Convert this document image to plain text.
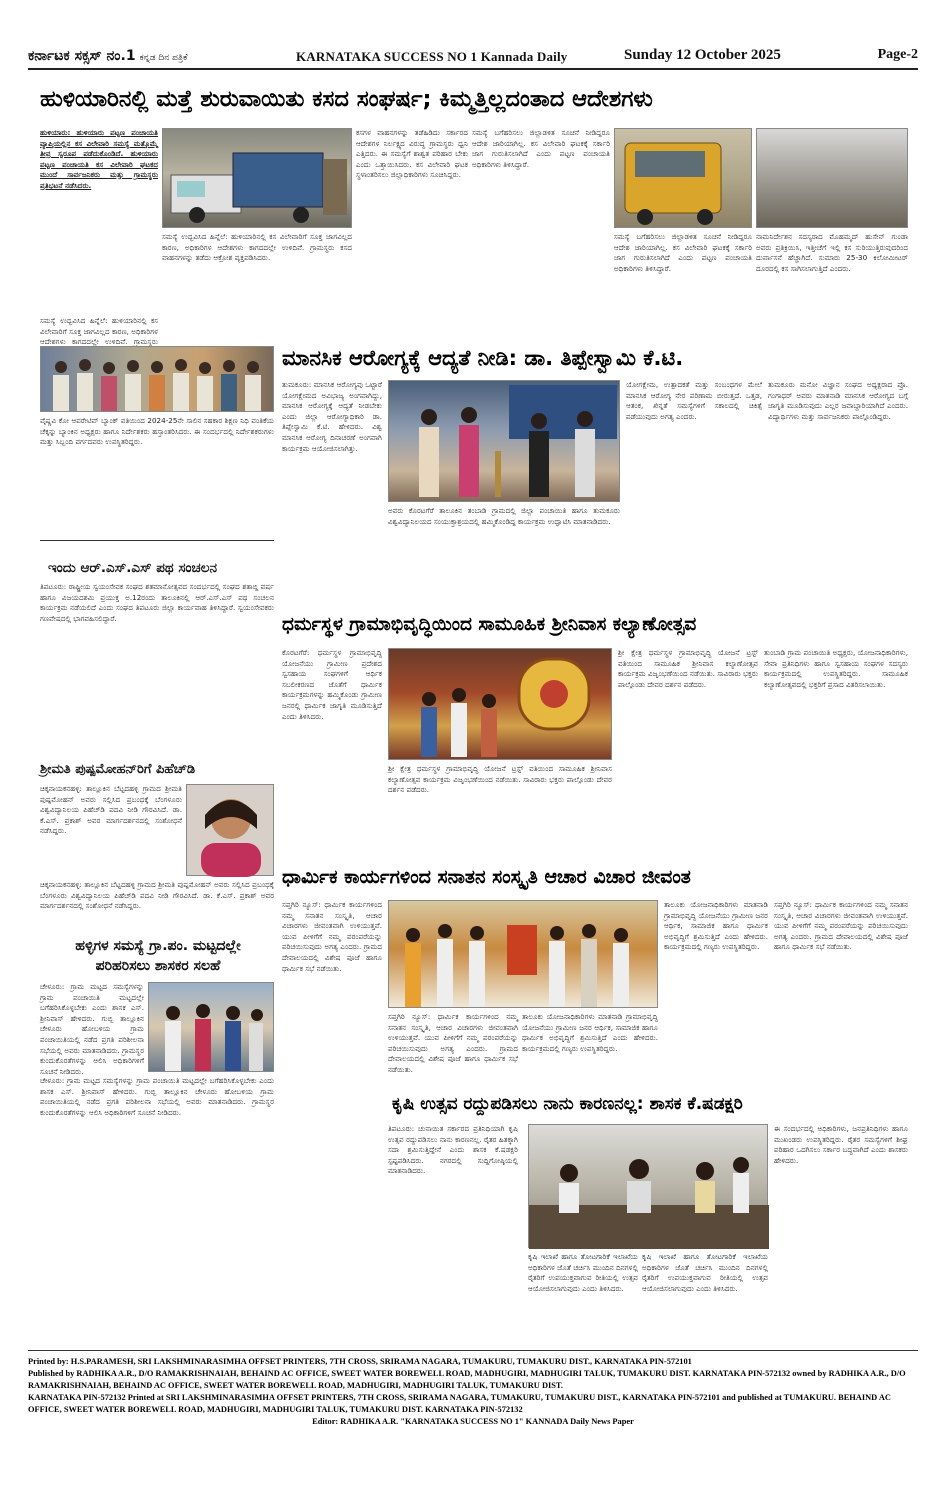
ಕರ್ನಾಟಕ ಸಕ್ಸಸ್ ನಂ.1 ಕನ್ನಡ ದಿನ ಪತ್ರಿಕೆ	KARNATAKA SUCCESS NO 1 Kannada Daily	Sunday 12 October 2025	Page-2
ಹುಳಿಯಾರಿನಲ್ಲಿ ಮತ್ತೆ ಶುರುವಾಯಿತು ಕಸದ ಸಂಘರ್ಷ; ಕಿಮ್ಮತ್ತಿಲ್ಲದಂತಾದ ಆದೇಶಗಳು
ಹುಳಿಯಾರು: ಹುಳಿಯಾರು ಪಟ್ಟಣ ಪಂಚಾಯತಿ ವ್ಯಾಪ್ತಿಯಲ್ಲಿನ ಕಸ ವಿಲೇವಾರಿ ಸಮಸ್ಯೆ ಮತ್ತೊಮ್ಮೆ ತೀವ್ರ ಸ್ವರೂಪ ಪಡೆದುಕೊಂಡಿದೆ. ಹುಳಿಯಾರು ಪಟ್ಟಣ ಪಂಚಾಯತಿ ಕಸ ವಿಲೇವಾರಿ ಘಟಕದ ಮುಂದೆ ಸಾರ್ವಜನಿಕರು ಮತ್ತು ಗ್ರಾಮಸ್ಥರು ಪ್ರತಿಭಟನೆ ನಡೆಸಿದರು.
ಸಮಸ್ಯೆ ಉದ್ಭವಿಸಿದ ಹಿನ್ನೆಲೆ: ಹುಳಿಯಾರಿನಲ್ಲಿ ಕಸ ವಿಲೇವಾರಿಗೆ ಸೂಕ್ತ ಜಾಗವಿಲ್ಲದ ಕಾರಣ, ಅಧಿಕಾರಿಗಳ ಆದೇಶಗಳು ಕಾಗದದಲ್ಲೇ ಉಳಿದಿವೆ. ಗ್ರಾಮಸ್ಥರು
ಸಮಸ್ಯೆ ಉದ್ಭವಿಸಿದ ಹಿನ್ನೆಲೆ: ಹುಳಿಯಾರಿನಲ್ಲಿ ಕಸ ವಿಲೇವಾರಿಗೆ ಸೂಕ್ತ ಜಾಗವಿಲ್ಲದ ಕಾರಣ, ಅಧಿಕಾರಿಗಳ ಆದೇಶಗಳು ಕಾಗದದಲ್ಲೇ ಉಳಿದಿವೆ. ಗ್ರಾಮಸ್ಥರು ಕಸದ ವಾಹನಗಳನ್ನು ತಡೆದು ಆಕ್ರೋಶ ವ್ಯಕ್ತಪಡಿಸಿದರು.
ಕಸಗಳ ವಾಹನಗಳನ್ನು ತಡೆಹಿಡಿದು ಸರ್ಕಾರದ ಆದೇಶಗಳ ನಿರ್ಲಕ್ಷ್ಯದ ವಿರುದ್ಧ ಗ್ರಾಮಸ್ಥರು ಧ್ವನಿ ಎತ್ತಿದರು. ಈ ಸಮಸ್ಯೆಗೆ ಶಾಶ್ವತ ಪರಿಹಾರ ಬೇಕು ಎಂದು ಒತ್ತಾಯಿಸಿದರು. ಕಸ ವಿಲೇವಾರಿ ಘಟಕ ಸ್ಥಳಾಂತರಿಸಲು ಜಿಲ್ಲಾಧಿಕಾರಿಗಳು ಸೂಚಿಸಿದ್ದರು.
ಸಮಸ್ಯೆ ಬಗೆಹರಿಸಲು ಜಿಲ್ಲಾಡಳಿತ ಸೂಚನೆ ನೀಡಿದ್ದರೂ ಆದೇಶ ಜಾರಿಯಾಗಿಲ್ಲ. ಕಸ ವಿಲೇವಾರಿ ಘಟಕಕ್ಕೆ ಸರ್ಕಾರಿ ಜಾಗ ಗುರುತಿಸಲಾಗಿದೆ ಎಂದು ಪಟ್ಟಣ ಪಂಚಾಯತಿ ಅಧಿಕಾರಿಗಳು ತಿಳಿಸಿದ್ದಾರೆ.
ಸಮಸ್ಯೆ ಬಗೆಹರಿಸಲು ಜಿಲ್ಲಾಡಳಿತ ಸೂಚನೆ ನೀಡಿದ್ದರೂ ಆದೇಶ ಜಾರಿಯಾಗಿಲ್ಲ. ಕಸ ವಿಲೇವಾರಿ ಘಟಕಕ್ಕೆ ಸರ್ಕಾರಿ ಜಾಗ ಗುರುತಿಸಲಾಗಿದೆ ಎಂದು ಪಟ್ಟಣ ಪಂಚಾಯತಿ ಅಧಿಕಾರಿಗಳು ತಿಳಿಸಿದ್ದಾರೆ.
ನಾಮನಿರ್ದೇಶನ ಸದಸ್ಯರಾದ ಮೊಹಮ್ಮದ್ ಹುಸೇನ್ ಗುಂಡಾ ಅವರು ಪ್ರತಿಕ್ರಿಯಿಸಿ, ಇತ್ತೀಚೆಗೆ ಇಲ್ಲಿ ಕಸ ಸುರಿಯುತ್ತಿರುವುದರಿಂದ ದುರ್ವಾಸನೆ ಹೆಚ್ಚಾಗಿದೆ. ಸುಮಾರು 25-30 ಕಿಲೋಮೀಟರ್ ದೂರದಲ್ಲಿ ಕಸ ಸಾಗಿಸಲಾಗುತ್ತಿದೆ ಎಂದರು.
ವೈಷ್ಣವಿ ಕೋ ಆಪರೇಟಿವ್ ಬ್ಯಾಂಕ್ ವತಿಯಿಂದ 2024-25ನೇ ಸಾಲಿನ ಸಹಕಾರ ಶಿಕ್ಷಣ ನಿಧಿ ವಂತಿಕೆಯ ಚೆಕ್ಕನ್ನು ಬ್ಯಾಂಕಿನ ಅಧ್ಯಕ್ಷರು ಹಾಗೂ ನಿರ್ದೇಶಕರು ಹಸ್ತಾಂತರಿಸಿದರು. ಈ ಸಂದರ್ಭದಲ್ಲಿ ನಿರ್ದೇಶಕರುಗಳು ಮತ್ತು ಸಿಬ್ಬಂದಿ ವರ್ಗದವರು ಉಪಸ್ಥಿತರಿದ್ದರು.
ಮಾನಸಿಕ ಆರೋಗ್ಯಕ್ಕೆ ಆದ್ಯತೆ ನೀಡಿ: ಡಾ. ತಿಪ್ಪೇಸ್ವಾಮಿ ಕೆ.ಟಿ.
ತುಮಕೂರು: ಮಾನಸಿಕ ಆರೋಗ್ಯವು ಒಟ್ಟಾರೆ ಯೋಗಕ್ಷೇಮದ ಅವಿಭಾಜ್ಯ ಅಂಗವಾಗಿದ್ದು, ಮಾನಸಿಕ ಆರೋಗ್ಯಕ್ಕೆ ಆದ್ಯತೆ ನೀಡಬೇಕು ಎಂದು ಜಿಲ್ಲಾ ಆರೋಗ್ಯಾಧಿಕಾರಿ ಡಾ. ತಿಪ್ಪೇಸ್ವಾಮಿ ಕೆ.ಟಿ. ಹೇಳಿದರು. ವಿಶ್ವ ಮಾನಸಿಕ ಆರೋಗ್ಯ ದಿನಾಚರಣೆ ಅಂಗವಾಗಿ ಕಾರ್ಯಕ್ರಮ ಆಯೋಜಿಸಲಾಗಿತ್ತು.
ಅವರು ಕೊರಟಗೆರೆ ತಾಲೂಕಿನ ತಂಬಾಡಿ ಗ್ರಾಮದಲ್ಲಿ ಜಿಲ್ಲಾ ಪಂಚಾಯಿತಿ ಹಾಗೂ ತುಮಕೂರು ವಿಶ್ವವಿದ್ಯಾನಿಲಯದ ಸಂಯುಕ್ತಾಶ್ರಯದಲ್ಲಿ ಹಮ್ಮಿಕೊಂಡಿದ್ದ ಕಾರ್ಯಕ್ರಮ ಉದ್ಘಾಟಿಸಿ ಮಾತನಾಡಿದರು.
ಯೋಗಕ್ಷೇಮ, ಉತ್ಪಾದಕತೆ ಮತ್ತು ಸಂಬಂಧಗಳ ಮೇಲೆ ಮಾನಸಿಕ ಆರೋಗ್ಯ ನೇರ ಪರಿಣಾಮ ಬೀರುತ್ತದೆ. ಒತ್ತಡ, ಆತಂಕ, ಖಿನ್ನತೆ ಸಮಸ್ಯೆಗಳಿಗೆ ಸಕಾಲದಲ್ಲಿ ಚಿಕಿತ್ಸೆ ಪಡೆಯುವುದು ಅಗತ್ಯ ಎಂದರು.
ತುಮಕೂರು ಮನೋ ವಿಜ್ಞಾನ ಸಂಘದ ಅಧ್ಯಕ್ಷರಾದ ಪ್ರೊ. ಗಂಗಾಧರ್ ಅವರು ಮಾತನಾಡಿ ಮಾನಸಿಕ ಆರೋಗ್ಯದ ಬಗ್ಗೆ ಜಾಗೃತಿ ಮೂಡಿಸುವುದು ಎಲ್ಲರ ಜವಾಬ್ದಾರಿಯಾಗಿದೆ ಎಂದರು. ವಿದ್ಯಾರ್ಥಿಗಳು ಮತ್ತು ಸಾರ್ವಜನಿಕರು ಪಾಲ್ಗೊಂಡಿದ್ದರು.
ಇಂದು ಆರ್.ಎಸ್.ಎಸ್ ಪಥ ಸಂಚಲನ
ತಿಪಟೂರು: ರಾಷ್ಟ್ರೀಯ ಸ್ವಯಂಸೇವಕ ಸಂಘದ ಶತಮಾನೋತ್ಸವದ ಸಂದರ್ಭದಲ್ಲಿ ಸಂಘದ ಶತಾಬ್ದಿ ವರ್ಷ ಹಾಗೂ ವಿಜಯದಶಮಿ ಪ್ರಯುಕ್ತ ಅ.12ರಂದು ತಾಲೂಕಿನಲ್ಲಿ ಆರ್.ಎಸ್.ಎಸ್ ಪಥ ಸಂಚಲನ ಕಾರ್ಯಕ್ರಮ ನಡೆಯಲಿದೆ ಎಂದು ಸಂಘದ ತಿಪಟೂರು ಜಿಲ್ಲಾ ಕಾರ್ಯವಾಹ ತಿಳಿಸಿದ್ದಾರೆ. ಸ್ವಯಂಸೇವಕರು ಗಣವೇಷದಲ್ಲಿ ಭಾಗವಹಿಸಲಿದ್ದಾರೆ.	ಧರ್ಮಸ್ಥಳ ಗ್ರಾಮಾಭಿವೃದ್ಧಿಯಿಂದ ಸಾಮೂಹಿಕ ಶ್ರೀನಿವಾಸ ಕಲ್ಯಾಣೋತ್ಸವ
ಕೊರಟಗೆರೆ: ಧರ್ಮಸ್ಥಳ ಗ್ರಾಮಾಭಿವೃದ್ಧಿ ಯೋಜನೆಯು ಗ್ರಾಮೀಣ ಪ್ರದೇಶದ ಸ್ವಸಹಾಯ ಸಂಘಗಳಿಗೆ ಆರ್ಥಿಕ ಸಬಲೀಕರಣದ ಜೊತೆಗೆ ಧಾರ್ಮಿಕ ಕಾರ್ಯಕ್ರಮಗಳನ್ನು ಹಮ್ಮಿಕೊಂಡು ಗ್ರಾಮೀಣ ಜನರಲ್ಲಿ ಧಾರ್ಮಿಕ ಜಾಗೃತಿ ಮೂಡಿಸುತ್ತಿದೆ ಎಂದು ತಿಳಿಸಿದರು.
ಶ್ರೀ ಕ್ಷೇತ್ರ ಧರ್ಮಸ್ಥಳ ಗ್ರಾಮಾಭಿವೃದ್ಧಿ ಯೋಜನೆ ಟ್ರಸ್ಟ್ ವತಿಯಿಂದ ಸಾಮೂಹಿಕ ಶ್ರೀನಿವಾಸ ಕಲ್ಯಾಣೋತ್ಸವ ಕಾರ್ಯಕ್ರಮ ವಿಜೃಂಭಣೆಯಿಂದ ನಡೆಯಿತು. ಸಾವಿರಾರು ಭಕ್ತರು ಪಾಲ್ಗೊಂಡು ದೇವರ ದರ್ಶನ ಪಡೆದರು.
ಶ್ರೀ ಕ್ಷೇತ್ರ ಧರ್ಮಸ್ಥಳ ಗ್ರಾಮಾಭಿವೃದ್ಧಿ ಯೋಜನೆ ಟ್ರಸ್ಟ್ ವತಿಯಿಂದ ಸಾಮೂಹಿಕ ಶ್ರೀನಿವಾಸ ಕಲ್ಯಾಣೋತ್ಸವ ಕಾರ್ಯಕ್ರಮ ವಿಜೃಂಭಣೆಯಿಂದ ನಡೆಯಿತು. ಸಾವಿರಾರು ಭಕ್ತರು ಪಾಲ್ಗೊಂಡು ದೇವರ ದರ್ಶನ ಪಡೆದರು.
ತುಂಬಾಡಿ ಗ್ರಾಮ ಪಂಚಾಯಿತಿ ಅಧ್ಯಕ್ಷರು, ಯೋಜನಾಧಿಕಾರಿಗಳು, ಸೇವಾ ಪ್ರತಿನಿಧಿಗಳು ಹಾಗೂ ಸ್ವಸಹಾಯ ಸಂಘಗಳ ಸದಸ್ಯರು ಕಾರ್ಯಕ್ರಮದಲ್ಲಿ ಉಪಸ್ಥಿತರಿದ್ದರು. ಸಾಮೂಹಿಕ ಕಲ್ಯಾಣೋತ್ಸವದಲ್ಲಿ ಭಕ್ತರಿಗೆ ಪ್ರಸಾದ ವಿತರಿಸಲಾಯಿತು.
ಶ್ರೀಮತಿ ಪುಷ್ಪಮೋಹನ್‌ರಿಗೆ ಪಿಹೆಚ್‌ಡಿ
ಚಿಕ್ಕನಾಯಕನಹಳ್ಳಿ: ತಾಲ್ಲೂಕಿನ ಬೆಟ್ಟದಹಳ್ಳಿ ಗ್ರಾಮದ ಶ್ರೀಮತಿ ಪುಷ್ಪಮೋಹನ್ ಅವರು ಸಲ್ಲಿಸಿದ ಪ್ರಬಂಧಕ್ಕೆ ಬೆಂಗಳೂರು ವಿಶ್ವವಿದ್ಯಾನಿಲಯ ಪಿಹೆಚ್‌ಡಿ ಪದವಿ ನೀಡಿ ಗೌರವಿಸಿದೆ. ಡಾ. ಕೆ.ಎಸ್. ಪ್ರಕಾಶ್ ಅವರ ಮಾರ್ಗದರ್ಶನದಲ್ಲಿ ಸಂಶೋಧನೆ ನಡೆಸಿದ್ದರು.
ಚಿಕ್ಕನಾಯಕನಹಳ್ಳಿ: ತಾಲ್ಲೂಕಿನ ಬೆಟ್ಟದಹಳ್ಳಿ ಗ್ರಾಮದ ಶ್ರೀಮತಿ ಪುಷ್ಪಮೋಹನ್ ಅವರು ಸಲ್ಲಿಸಿದ ಪ್ರಬಂಧಕ್ಕೆ ಬೆಂಗಳೂರು ವಿಶ್ವವಿದ್ಯಾನಿಲಯ ಪಿಹೆಚ್‌ಡಿ ಪದವಿ ನೀಡಿ ಗೌರವಿಸಿದೆ. ಡಾ. ಕೆ.ಎಸ್. ಪ್ರಕಾಶ್ ಅವರ ಮಾರ್ಗದರ್ಶನದಲ್ಲಿ ಸಂಶೋಧನೆ ನಡೆಸಿದ್ದರು.
ಹಳ್ಳಿಗಳ ಸಮಸ್ಯೆ ಗ್ರಾ.ಪಂ. ಮಟ್ಟದಲ್ಲೇ
ಪರಿಹರಿಸಲು ಶಾಸಕರ ಸಲಹೆ
ಚೇಳೂರು: ಗ್ರಾಮ ಮಟ್ಟದ ಸಮಸ್ಯೆಗಳನ್ನು ಗ್ರಾಮ ಪಂಚಾಯಿತಿ ಮಟ್ಟದಲ್ಲೇ ಬಗೆಹರಿಸಿಕೊಳ್ಳಬೇಕು ಎಂದು ಶಾಸಕ ಎಸ್. ಶ್ರೀನಿವಾಸ್ ಹೇಳಿದರು. ಗುಬ್ಬಿ ತಾಲ್ಲೂಕಿನ ಚೇಳೂರು ಹೋಬಳಿಯ ಗ್ರಾಮ ಪಂಚಾಯಿತಿಯಲ್ಲಿ ನಡೆದ ಪ್ರಗತಿ ಪರಿಶೀಲನಾ ಸಭೆಯಲ್ಲಿ ಅವರು ಮಾತನಾಡಿದರು. ಗ್ರಾಮಸ್ಥರ ಕುಂದುಕೊರತೆಗಳನ್ನು ಆಲಿಸಿ ಅಧಿಕಾರಿಗಳಿಗೆ ಸೂಚನೆ ನೀಡಿದರು.
ಚೇಳೂರು: ಗ್ರಾಮ ಮಟ್ಟದ ಸಮಸ್ಯೆಗಳನ್ನು ಗ್ರಾಮ ಪಂಚಾಯಿತಿ ಮಟ್ಟದಲ್ಲೇ ಬಗೆಹರಿಸಿಕೊಳ್ಳಬೇಕು ಎಂದು ಶಾಸಕ ಎಸ್. ಶ್ರೀನಿವಾಸ್ ಹೇಳಿದರು. ಗುಬ್ಬಿ ತಾಲ್ಲೂಕಿನ ಚೇಳೂರು ಹೋಬಳಿಯ ಗ್ರಾಮ ಪಂಚಾಯಿತಿಯಲ್ಲಿ ನಡೆದ ಪ್ರಗತಿ ಪರಿಶೀಲನಾ ಸಭೆಯಲ್ಲಿ ಅವರು ಮಾತನಾಡಿದರು. ಗ್ರಾಮಸ್ಥರ ಕುಂದುಕೊರತೆಗಳನ್ನು ಆಲಿಸಿ ಅಧಿಕಾರಿಗಳಿಗೆ ಸೂಚನೆ ನೀಡಿದರು.
ಧಾರ್ಮಿಕ ಕಾರ್ಯಗಳಿಂದ ಸನಾತನ ಸಂಸ್ಕೃತಿ ಆಚಾರ ವಿಚಾರ ಜೀವಂತ
ಸಪ್ತಗಿರಿ ನ್ಯೂಸ್: ಧಾರ್ಮಿಕ ಕಾರ್ಯಗಳಿಂದ ನಮ್ಮ ಸನಾತನ ಸಂಸ್ಕೃತಿ, ಆಚಾರ ವಿಚಾರಗಳು ಜೀವಂತವಾಗಿ ಉಳಿಯುತ್ತವೆ. ಯುವ ಪೀಳಿಗೆಗೆ ನಮ್ಮ ಪರಂಪರೆಯನ್ನು ಪರಿಚಯಿಸುವುದು ಅಗತ್ಯ ಎಂದರು. ಗ್ರಾಮದ ದೇವಾಲಯದಲ್ಲಿ ವಿಶೇಷ ಪೂಜೆ ಹಾಗೂ ಧಾರ್ಮಿಕ ಸಭೆ ನಡೆಯಿತು.
ಸಪ್ತಗಿರಿ ನ್ಯೂಸ್: ಧಾರ್ಮಿಕ ಕಾರ್ಯಗಳಿಂದ ನಮ್ಮ ಸನಾತನ ಸಂಸ್ಕೃತಿ, ಆಚಾರ ವಿಚಾರಗಳು ಜೀವಂತವಾಗಿ ಉಳಿಯುತ್ತವೆ. ಯುವ ಪೀಳಿಗೆಗೆ ನಮ್ಮ ಪರಂಪರೆಯನ್ನು ಪರಿಚಯಿಸುವುದು ಅಗತ್ಯ ಎಂದರು. ಗ್ರಾಮದ ದೇವಾಲಯದಲ್ಲಿ ವಿಶೇಷ ಪೂಜೆ ಹಾಗೂ ಧಾರ್ಮಿಕ ಸಭೆ ನಡೆಯಿತು.
ತಾಲೂಕು ಯೋಜನಾಧಿಕಾರಿಗಳು ಮಾತನಾಡಿ ಗ್ರಾಮಾಭಿವೃದ್ಧಿ ಯೋಜನೆಯು ಗ್ರಾಮೀಣ ಜನರ ಆರ್ಥಿಕ, ಸಾಮಾಜಿಕ ಹಾಗೂ ಧಾರ್ಮಿಕ ಅಭಿವೃದ್ಧಿಗೆ ಶ್ರಮಿಸುತ್ತಿದೆ ಎಂದು ಹೇಳಿದರು. ಕಾರ್ಯಕ್ರಮದಲ್ಲಿ ಗಣ್ಯರು ಉಪಸ್ಥಿತರಿದ್ದರು.
ತಾಲೂಕು ಯೋಜನಾಧಿಕಾರಿಗಳು ಮಾತನಾಡಿ ಗ್ರಾಮಾಭಿವೃದ್ಧಿ ಯೋಜನೆಯು ಗ್ರಾಮೀಣ ಜನರ ಆರ್ಥಿಕ, ಸಾಮಾಜಿಕ ಹಾಗೂ ಧಾರ್ಮಿಕ ಅಭಿವೃದ್ಧಿಗೆ ಶ್ರಮಿಸುತ್ತಿದೆ ಎಂದು ಹೇಳಿದರು. ಕಾರ್ಯಕ್ರಮದಲ್ಲಿ ಗಣ್ಯರು ಉಪಸ್ಥಿತರಿದ್ದರು.
ಸಪ್ತಗಿರಿ ನ್ಯೂಸ್: ಧಾರ್ಮಿಕ ಕಾರ್ಯಗಳಿಂದ ನಮ್ಮ ಸನಾತನ ಸಂಸ್ಕೃತಿ, ಆಚಾರ ವಿಚಾರಗಳು ಜೀವಂತವಾಗಿ ಉಳಿಯುತ್ತವೆ. ಯುವ ಪೀಳಿಗೆಗೆ ನಮ್ಮ ಪರಂಪರೆಯನ್ನು ಪರಿಚಯಿಸುವುದು ಅಗತ್ಯ ಎಂದರು. ಗ್ರಾಮದ ದೇವಾಲಯದಲ್ಲಿ ವಿಶೇಷ ಪೂಜೆ ಹಾಗೂ ಧಾರ್ಮಿಕ ಸಭೆ ನಡೆಯಿತು.
ಕೃಷಿ ಉತ್ಸವ ರದ್ದುಪಡಿಸಲು ನಾನು ಕಾರಣನಲ್ಲ: ಶಾಸಕ ಕೆ.ಷಡಕ್ಷರಿ
ತಿಪಟೂರು: ಚುನಾಯಿತ ಸರ್ಕಾರದ ಪ್ರತಿನಿಧಿಯಾಗಿ ಕೃಷಿ ಉತ್ಸವ ರದ್ದುಪಡಿಸಲು ನಾನು ಕಾರಣನಲ್ಲ. ರೈತರ ಹಿತಕ್ಕಾಗಿ ಸದಾ ಶ್ರಮಿಸುತ್ತಿದ್ದೇನೆ ಎಂದು ಶಾಸಕ ಕೆ.ಷಡಕ್ಷರಿ ಸ್ಪಷ್ಟಪಡಿಸಿದರು. ನಗರದಲ್ಲಿ ಸುದ್ದಿಗೋಷ್ಠಿಯಲ್ಲಿ ಮಾತನಾಡಿದರು.
ಕೃಷಿ ಇಲಾಖೆ ಹಾಗೂ ತೋಟಗಾರಿಕೆ ಇಲಾಖೆಯ ಅಧಿಕಾರಿಗಳ ಜೊತೆ ಚರ್ಚಿಸಿ ಮುಂದಿನ ದಿನಗಳಲ್ಲಿ ರೈತರಿಗೆ ಉಪಯುಕ್ತವಾಗುವ ರೀತಿಯಲ್ಲಿ ಉತ್ಸವ ಆಯೋಜಿಸಲಾಗುವುದು ಎಂದು ತಿಳಿಸಿದರು.
ಕೃಷಿ ಇಲಾಖೆ ಹಾಗೂ ತೋಟಗಾರಿಕೆ ಇಲಾಖೆಯ ಅಧಿಕಾರಿಗಳ ಜೊತೆ ಚರ್ಚಿಸಿ ಮುಂದಿನ ದಿನಗಳಲ್ಲಿ ರೈತರಿಗೆ ಉಪಯುಕ್ತವಾಗುವ ರೀತಿಯಲ್ಲಿ ಉತ್ಸವ ಆಯೋಜಿಸಲಾಗುವುದು ಎಂದು ತಿಳಿಸಿದರು.
ಈ ಸಂದರ್ಭದಲ್ಲಿ ಅಧಿಕಾರಿಗಳು, ಜನಪ್ರತಿನಿಧಿಗಳು ಹಾಗೂ ಮುಖಂಡರು ಉಪಸ್ಥಿತರಿದ್ದರು. ರೈತರ ಸಮಸ್ಯೆಗಳಿಗೆ ಶೀಘ್ರ ಪರಿಹಾರ ಒದಗಿಸಲು ಸರ್ಕಾರ ಬದ್ಧವಾಗಿದೆ ಎಂದು ಶಾಸಕರು ಹೇಳಿದರು.
Printed by: H.S.PARAMESH, SRI LAKSHMINARASIMHA OFFSET PRINTERS, 7TH CROSS, SRIRAMA NAGARA, TUMAKURU, TUMAKURU DIST., KARNATAKA PIN-572101
Published by RADHIKA A.R., D/O RAMAKRISHNAIAH, BEHAIND AC OFFICE, SWEET WATER BOREWELL ROAD, MADHUGIRI, MADHUGIRI TALUK, TUMAKURU DIST. KARNATAKA PIN-572132 owned by RADHIKA A.R., D/O RAMAKRISHNAIAH, BEHAIND AC OFFICE, SWEET WATER BOREWELL ROAD, MADHUGIRI, MADHUGIRI TALUK, TUMAKURU DIST.
KARNATAKA PIN-572132 Printed at SRI LAKSHMINARASIMHA OFFSET PRINTERS, 7TH CROSS, SRIRAMA NAGARA, TUMAKURU, TUMAKURU DIST., KARNATAKA PIN-572101 and published at TUMAKURU. BEHAIND AC OFFICE, SWEET WATER BOREWELL ROAD, MADHUGIRI, MADHUGIRI TALUK, TUMAKURU DIST. KARNATAKA PIN-572132
Editor: RADHIKA A.R. "KARNATAKA SUCCESS NO 1" KANNADA Daily News Paper
